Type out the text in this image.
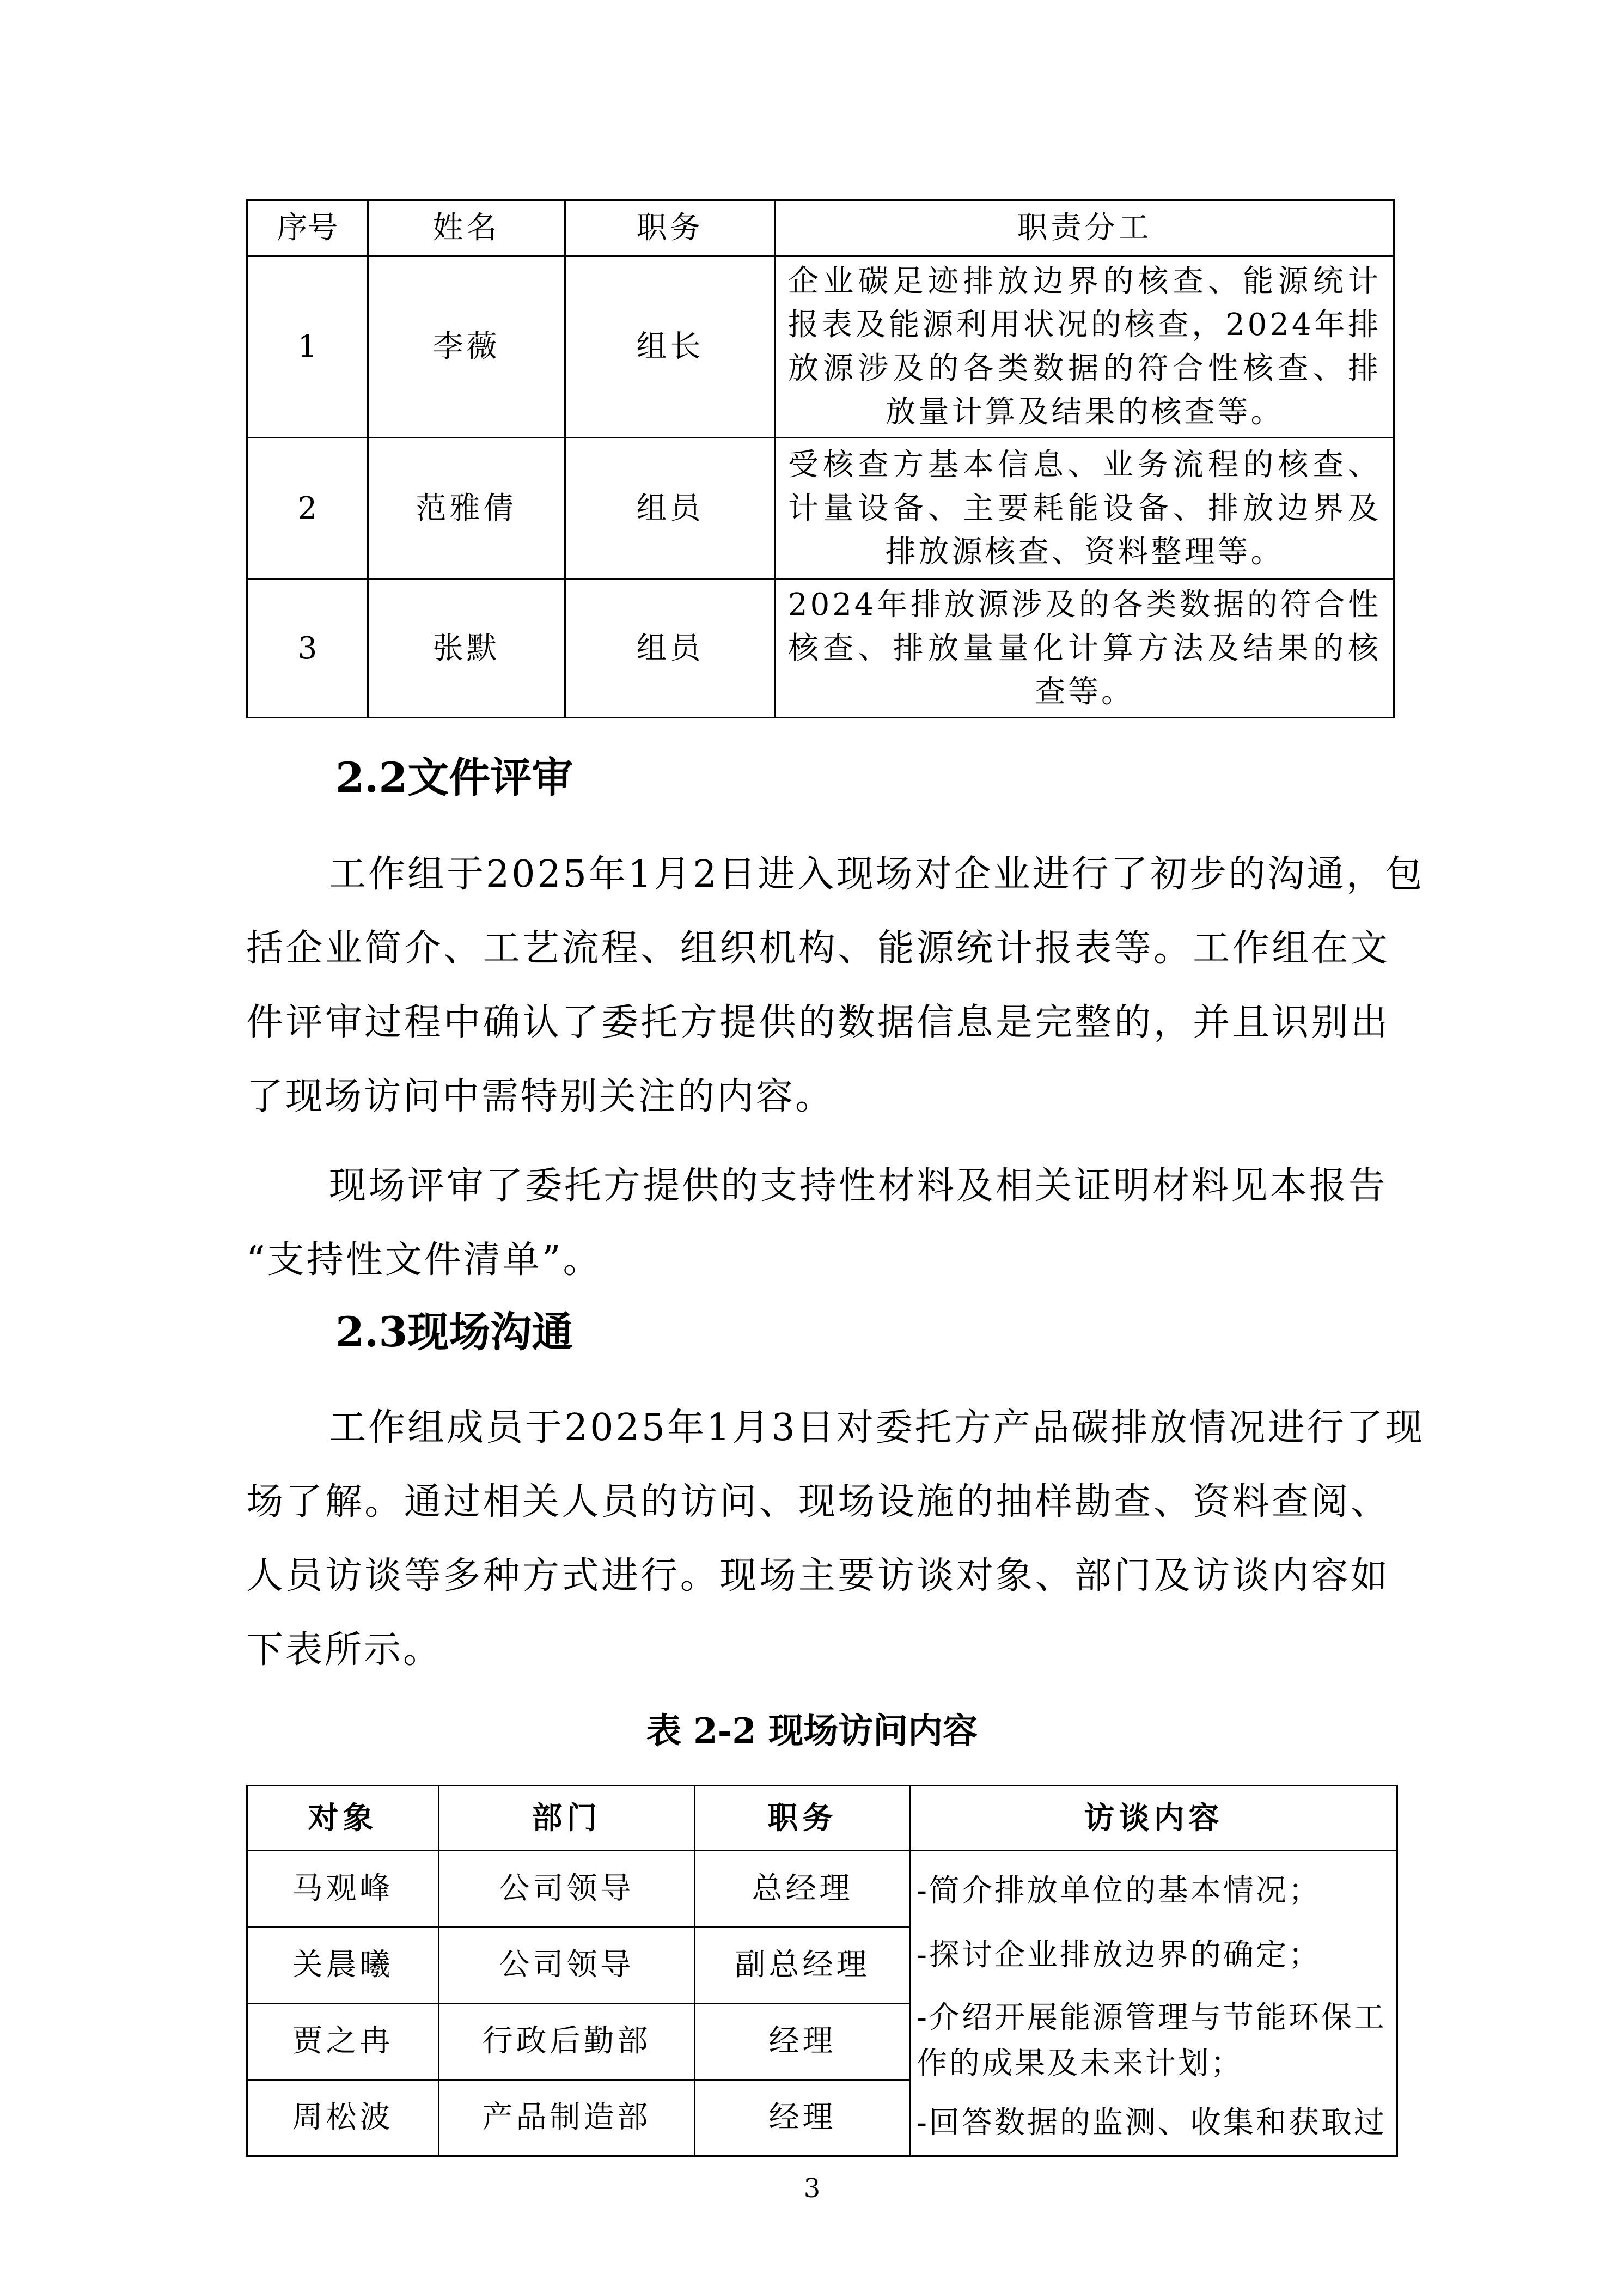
序号	姓名	职务	职责分工
1	李薇	组长	企业碳足迹排放边界的核查、能源统计报表及能源利用状况的核查，2024年排放源涉及的各类数据的符合性核查、排放量计算及结果的核查等。
2	范雅倩	组员	受核查方基本信息、业务流程的核查、计量设备、主要耗能设备、排放边界及排放源核查、资料整理等。
3	张默	组员	2024年排放源涉及的各类数据的符合性核查、排放量量化计算方法及结果的核查等。
2.2文件评审
工作组于2025年1月2日进入现场对企业进行了初步的沟通，包
括企业简介、工艺流程、组织机构、能源统计报表等。工作组在文
件评审过程中确认了委托方提供的数据信息是完整的，并且识别出
了现场访问中需特别关注的内容。
现场评审了委托方提供的支持性材料及相关证明材料见本报告
“支持性文件清单”。
2.3现场沟通
工作组成员于2025年1月3日对委托方产品碳排放情况进行了现
场了解。通过相关人员的访问、现场设施的抽样勘查、资料查阅、
人员访谈等多种方式进行。现场主要访谈对象、部门及访谈内容如
下表所示。
表 2-2 现场访问内容
对象	部门	职务	访谈内容
马观峰	公司领导	总经理	-简介排放单位的基本情况；
-探讨企业排放边界的确定；
-介绍开展能源管理与节能环保工作的成果及未来计划；
-回答数据的监测、收集和获取过

关晨曦	公司领导	副总经理	
贾之冉	行政后勤部	经理	
周松波	产品制造部	经理	
3
